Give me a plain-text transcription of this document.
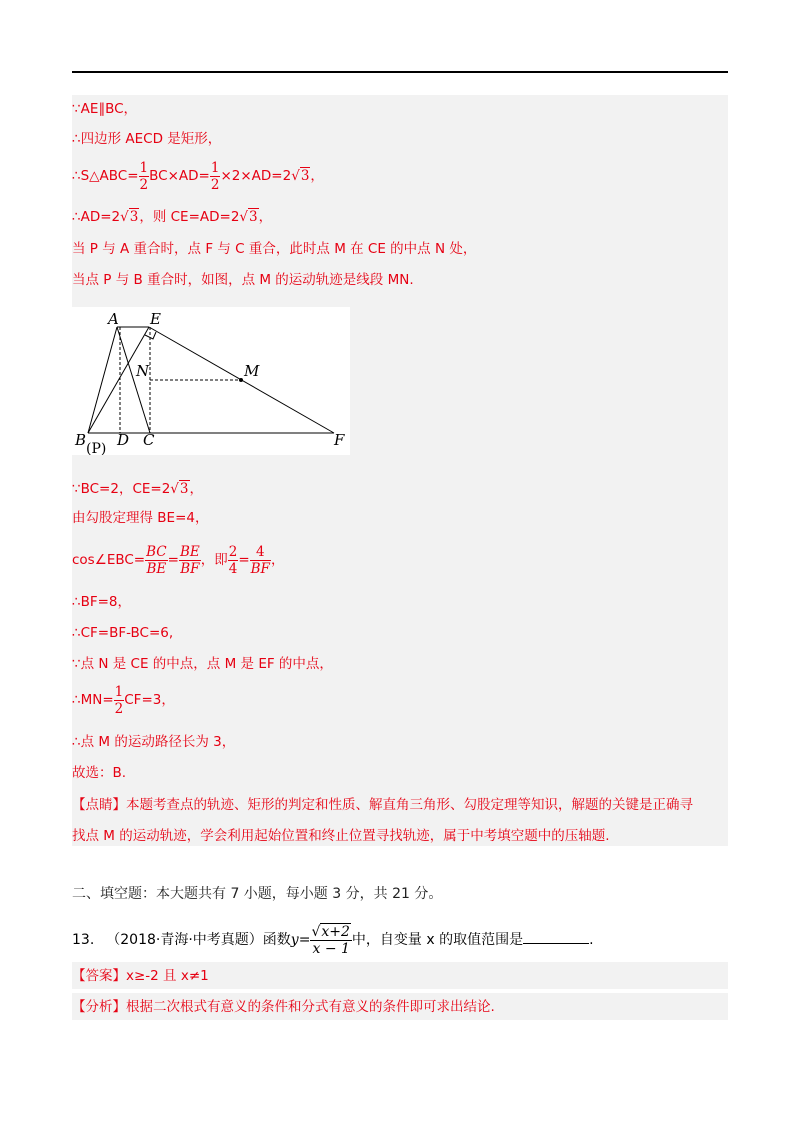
∵AE∥BC，
∴四边形 AECD 是矩形，
∴S△ABC= $\frac{1}{2} BC\times AD= \frac{1}{2} \times 2\times AD=2√3$，
∴AD=2√3，则 CE=AD=2√3，
当 P 与 A 重合时，点 F 与 C 重合，此时点 M 在 CE 的中点 N 处，
当点 P 与 B 重合时，如图，点 M 的运动轨迹是线段 MN.
A E
N	M
B (P) D C	F
∵BC=2，CE=2√3，
由勾股定理得 BE=4，
cos∠EBC= $\frac{BC}{BE} = \frac{BE}{BF}$ ，即 $\frac{2}{4} = \frac{4}{BF}$ ，
∴BF=8，
∴CF=BF-BC=6,
∵点 N 是 CE 的中点，点 M 是 EF 的中点，
∴MN= $\frac{1}{2} CF=3$，
∴点 M 的运动路径长为 3，
故选：B.
【点睛】本题考查点的轨迹、矩形的判定和性质、解直角三角形、勾股定理等知识，解题的关键是正确寻
找点 M 的运动轨迹，学会利用起始位置和终止位置寻找轨迹，属于中考填空题中的压轴题.
二、填空题：本大题共有 7 小题，每小题 3 分，共 21 分。
13. （2018·青海·中考真题）函数$y= \frac{√x+2}{x - 1}$ 中，自变量 x 的取值范围是	.
【答案】x≥-2 且 x≠1
【分析】根据二次根式有意义的条件和分式有意义的条件即可求出结论.
